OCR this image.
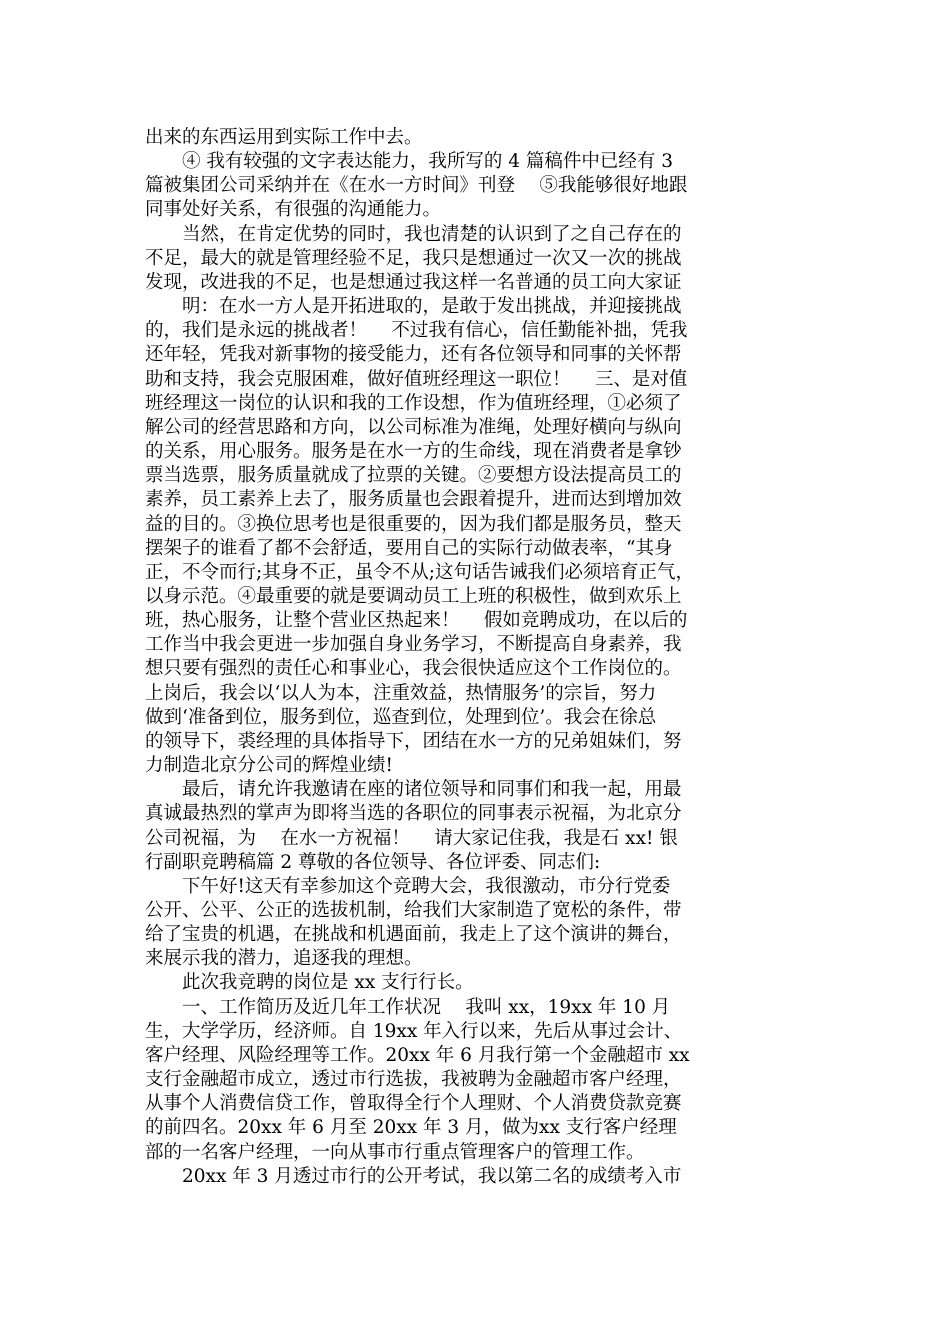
出来的东西运用到实际工作中去。
　　④ 我有较强的文字表达能力，我所写的 4 篇稿件中已经有 3
篇被集团公司采纳并在《在水一方时间》刊登　 ⑤我能够很好地跟
同事处好关系，有很强的沟通能力。
　　当然，在肯定优势的同时，我也清楚的认识到了之自己存在的
不足，最大的就是管理经验不足，我只是想通过一次又一次的挑战
发现，改进我的不足，也是想通过我这样一名普通的员工向大家证
　　明：在水一方人是开拓进取的，是敢于发出挑战，并迎接挑战
的，我们是永远的挑战者！　 不过我有信心，信任勤能补拙，凭我
还年轻，凭我对新事物的接受能力，还有各位领导和同事的关怀帮
助和支持，我会克服困难，做好值班经理这一职位！　 三、是对值
班经理这一岗位的认识和我的工作设想，作为值班经理，①必须了
解公司的经营思路和方向，以公司标准为准绳，处理好横向与纵向
的关系，用心服务。服务是在水一方的生命线，现在消费者是拿钞
票当选票，服务质量就成了拉票的关键。②要想方设法提高员工的
素养，员工素养上去了，服务质量也会跟着提升，进而达到增加效
益的目的。③换位思考也是很重要的，因为我们都是服务员，整天
摆架子的谁看了都不会舒适，要用自己的实际行动做表率，“其身
正，不令而行;其身不正，虽令不从;这句话告诫我们必须培育正气，
以身示范。④最重要的就是要调动员工上班的积极性，做到欢乐上
班，热心服务，让整个营业区热起来！　 假如竞聘成功，在以后的
工作当中我会更进一步加强自身业务学习，不断提高自身素养，我
想只要有强烈的责任心和事业心，我会很快适应这个工作岗位的。
上岗后，我会以‘以人为本，注重效益，热情服务’的宗旨，努力
做到‘准备到位，服务到位，巡查到位，处理到位’。我会在徐总
的领导下，裘经理的具体指导下，团结在水一方的兄弟姐妹们，努
力制造北京分公司的辉煌业绩!
　　最后，请允许我邀请在座的诸位领导和同事们和我一起，用最
真诚最热烈的掌声为即将当选的各职位的同事表示祝福，为北京分
公司祝福，为　 在水一方祝福！　 请大家记住我，我是石 xx! 银
行副职竞聘稿篇 2 尊敬的各位领导、各位评委、同志们:
　　下午好!这天有幸参加这个竞聘大会，我很激动，市分行党委
公开、公平、公正的选拔机制，给我们大家制造了宽松的条件，带
给了宝贵的机遇，在挑战和机遇面前，我走上了这个演讲的舞台，
来展示我的潜力，追逐我的理想。
　　此次我竞聘的岗位是 xx 支行行长。
　　一、工作简历及近几年工作状况　 我叫 xx，19xx 年 10 月
生，大学学历，经济师。自 19xx 年入行以来，先后从事过会计、
客户经理、风险经理等工作。20xx 年 6 月我行第一个金融超市 xx
支行金融超市成立，透过市行选拔，我被聘为金融超市客户经理，
从事个人消费信贷工作，曾取得全行个人理财、个人消费贷款竞赛
的前四名。20xx 年 6 月至 20xx 年 3 月，做为xx 支行客户经理
部的一名客户经理，一向从事市行重点管理客户的管理工作。
　　20xx 年 3 月透过市行的公开考试，我以第二名的成绩考入市
